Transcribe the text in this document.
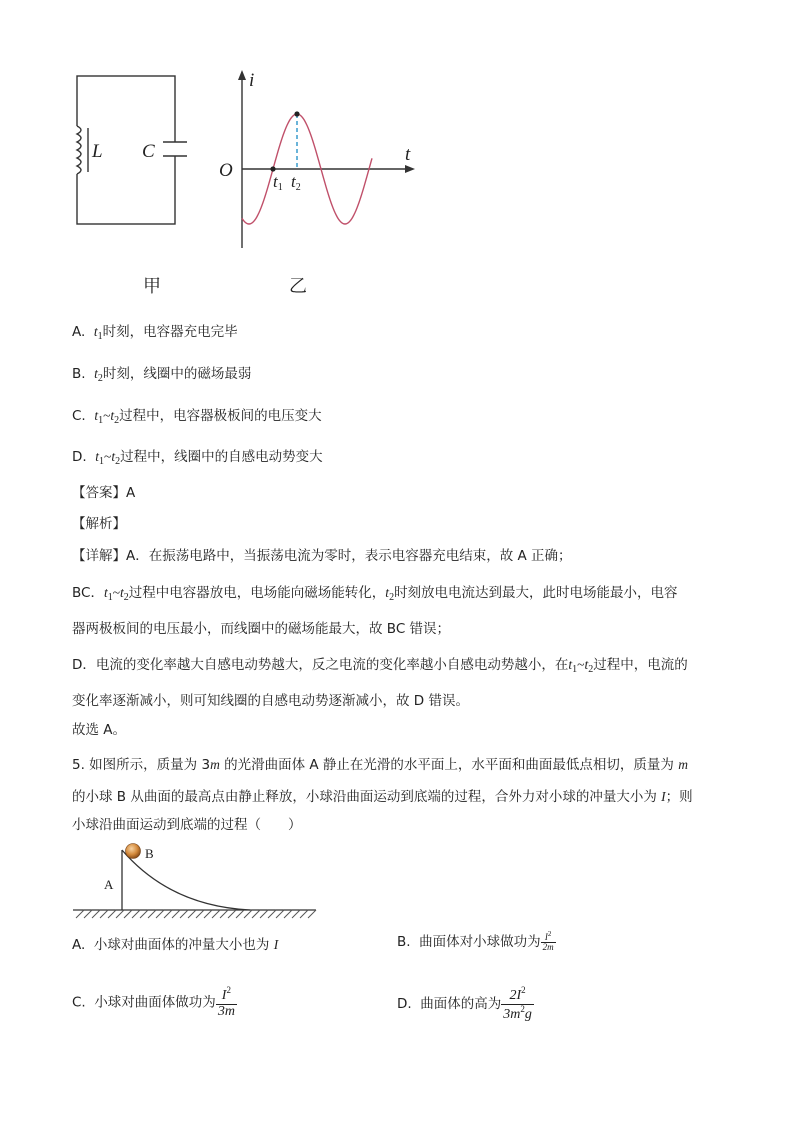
L C
甲
i
t
O
$t_1$ $t_2$
乙
A. $t_1$时刻，电容器充电完毕
B. $t_2$时刻，线圈中的磁场最弱
C. $t_1\sim t_2$过程中，电容器极板间的电压变大
D. $t_1\sim t_2$过程中，线圈中的自感电动势变大
【答案】A
【解析】
【详解】A．在振荡电路中，当振荡电流为零时，表示电容器充电结束，故 A 正确；
BC．$t_1\sim t_2$过程中电容器放电，电场能向磁场能转化，$t_2$时刻放电电流达到最大，此时电场能最小，电容
器两极板间的电压最小，而线圈中的磁场能最大，故 BC 错误；
D．电流的变化率越大自感电动势越大，反之电流的变化率越小自感电动势越小，在$t_1\sim t_2$过程中，电流的
变化率逐渐减小，则可知线圈的自感电动势逐渐减小，故 D 错误。
故选 A。
5. 如图所示，质量为 3m 的光滑曲面体 A 静止在光滑的水平面上，水平面和曲面最低点相切，质量为 m
的小球 B 从曲面的最高点由静止释放，小球沿曲面运动到底端的过程，合外力对小球的冲量大小为 I；则
小球沿曲面运动到底端的过程（　　）
A
B
A. 小球对曲面体的冲量大小也为 I	B. 曲面体对小球做功为 $\frac{I^2}{2m}$
C. 小球对曲面体做功为 $\frac{I^2}{3m}$	D. 曲面体的高为 $\frac{2I^2}{3m^2g}$
